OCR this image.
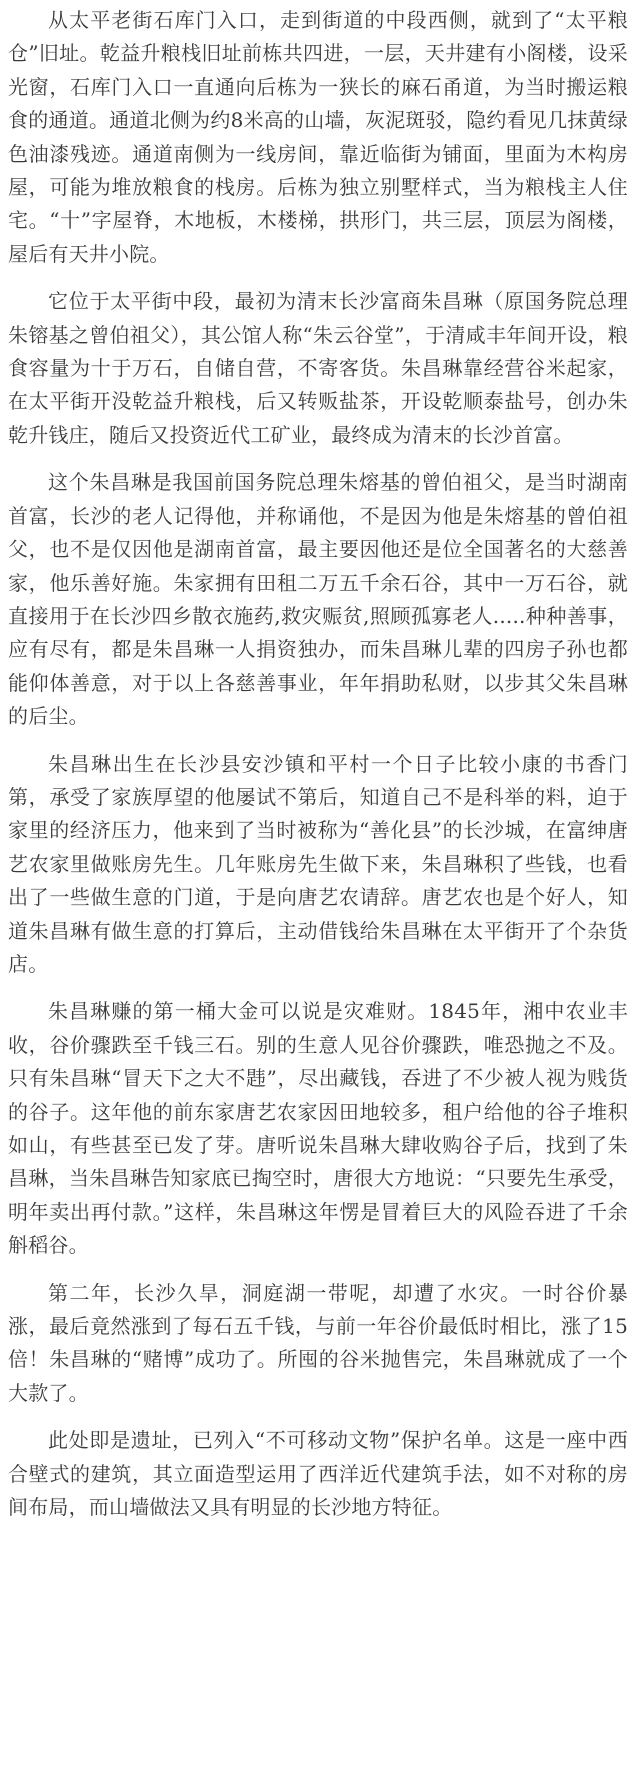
从太平老街石库门入口，走到街道的中段西侧，就到了“太平粮仓”旧址。乾益升粮栈旧址前栋共四进，一层，天井建有小阁楼，设采光窗，石库门入口一直通向后栋为一狭长的麻石甬道，为当时搬运粮食的通道。通道北侧为约8米高的山墙，灰泥斑驳，隐约看见几抹黄绿色油漆残迹。通道南侧为一线房间，靠近临街为铺面，里面为木构房屋，可能为堆放粮食的栈房。后栋为独立别墅样式，当为粮栈主人住宅。“十”字屋脊，木地板，木楼梯，拱形门，共三层，顶层为阁楼，屋后有天井小院。

它位于太平街中段，最初为清末长沙富商朱昌琳（原国务院总理朱镕基之曾伯祖父），其公馆人称“朱云谷堂”，于清咸丰年间开设，粮食容量为十于万石，自储自营，不寄客货。朱昌琳靠经营谷米起家，在太平街开没乾益升粮栈，后又转贩盐茶，开设乾顺泰盐号，创办朱乾升钱庄，随后又投资近代工矿业，最终成为清末的长沙首富。

这个朱昌琳是我国前国务院总理朱熔基的曾伯祖父，是当时湖南首富，长沙的老人记得他，并称诵他，不是因为他是朱熔基的曾伯祖父，也不是仅因他是湖南首富，最主要因他还是位全国著名的大慈善家，他乐善好施。朱家拥有田租二万五千余石谷，其中一万石谷，就直接用于在长沙四乡散衣施药,救灾赈贫,照顾孤寡老人.....种种善事，应有尽有，都是朱昌琳一人捐资独办，而朱昌琳儿辈的四房子孙也都能仰体善意，对于以上各慈善事业，年年捐助私财，以步其父朱昌琳的后尘。

朱昌琳出生在长沙县安沙镇和平村一个日子比较小康的书香门第，承受了家族厚望的他屡试不第后，知道自己不是科举的料，迫于家里的经济压力，他来到了当时被称为“善化县”的长沙城，在富绅唐艺农家里做账房先生。几年账房先生做下来，朱昌琳积了些钱，也看出了一些做生意的门道，于是向唐艺农请辞。唐艺农也是个好人，知道朱昌琳有做生意的打算后，主动借钱给朱昌琳在太平街开了个杂货店。

朱昌琳赚的第一桶大金可以说是灾难财。1845年，湘中农业丰收，谷价骤跌至千钱三石。别的生意人见谷价骤跌，唯恐抛之不及。只有朱昌琳“冒天下之大不韪”，尽出藏钱，吞进了不少被人视为贱货的谷子。这年他的前东家唐艺农家因田地较多，租户给他的谷子堆积如山，有些甚至已发了芽。唐听说朱昌琳大肆收购谷子后，找到了朱昌琳，当朱昌琳告知家底已掏空时，唐很大方地说：“只要先生承受，明年卖出再付款。”这样，朱昌琳这年愣是冒着巨大的风险吞进了千余斛稻谷。

第二年，长沙久旱，洞庭湖一带呢，却遭了水灾。一时谷价暴涨，最后竟然涨到了每石五千钱，与前一年谷价最低时相比，涨了15倍！朱昌琳的“赌博”成功了。所囤的谷米抛售完，朱昌琳就成了一个大款了。

此处即是遗址，已列入“不可移动文物”保护名单。这是一座中西合壁式的建筑，其立面造型运用了西洋近代建筑手法，如不对称的房间布局，而山墙做法又具有明显的长沙地方特征。
